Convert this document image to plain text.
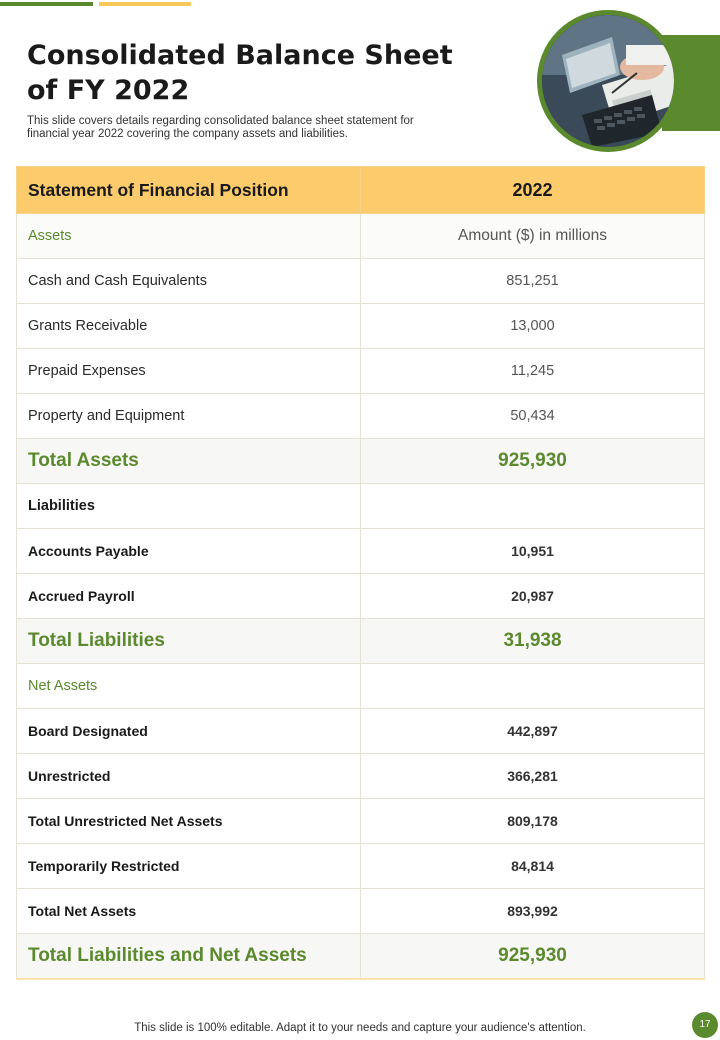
Consolidated Balance Sheet of FY 2022
This slide covers details regarding consolidated balance sheet statement for financial year 2022 covering the company assets and liabilities.
Statement of Financial Position	2022
Assets	Amount ($) in millions
Cash and Cash Equivalents	851,251
Grants Receivable	13,000
Prepaid Expenses	11,245
Property and Equipment	50,434
Total Assets	925,930
Liabilities	
Accounts Payable	10,951
Accrued Payroll	20,987
Total Liabilities	31,938
Net Assets	
Board Designated	442,897
Unrestricted	366,281
Total Unrestricted Net Assets	809,178
Temporarily Restricted	84,814
Total Net Assets	893,992
Total Liabilities and Net Assets	925,930
This slide is 100% editable. Adapt it to your needs and capture your audience's attention.	17
